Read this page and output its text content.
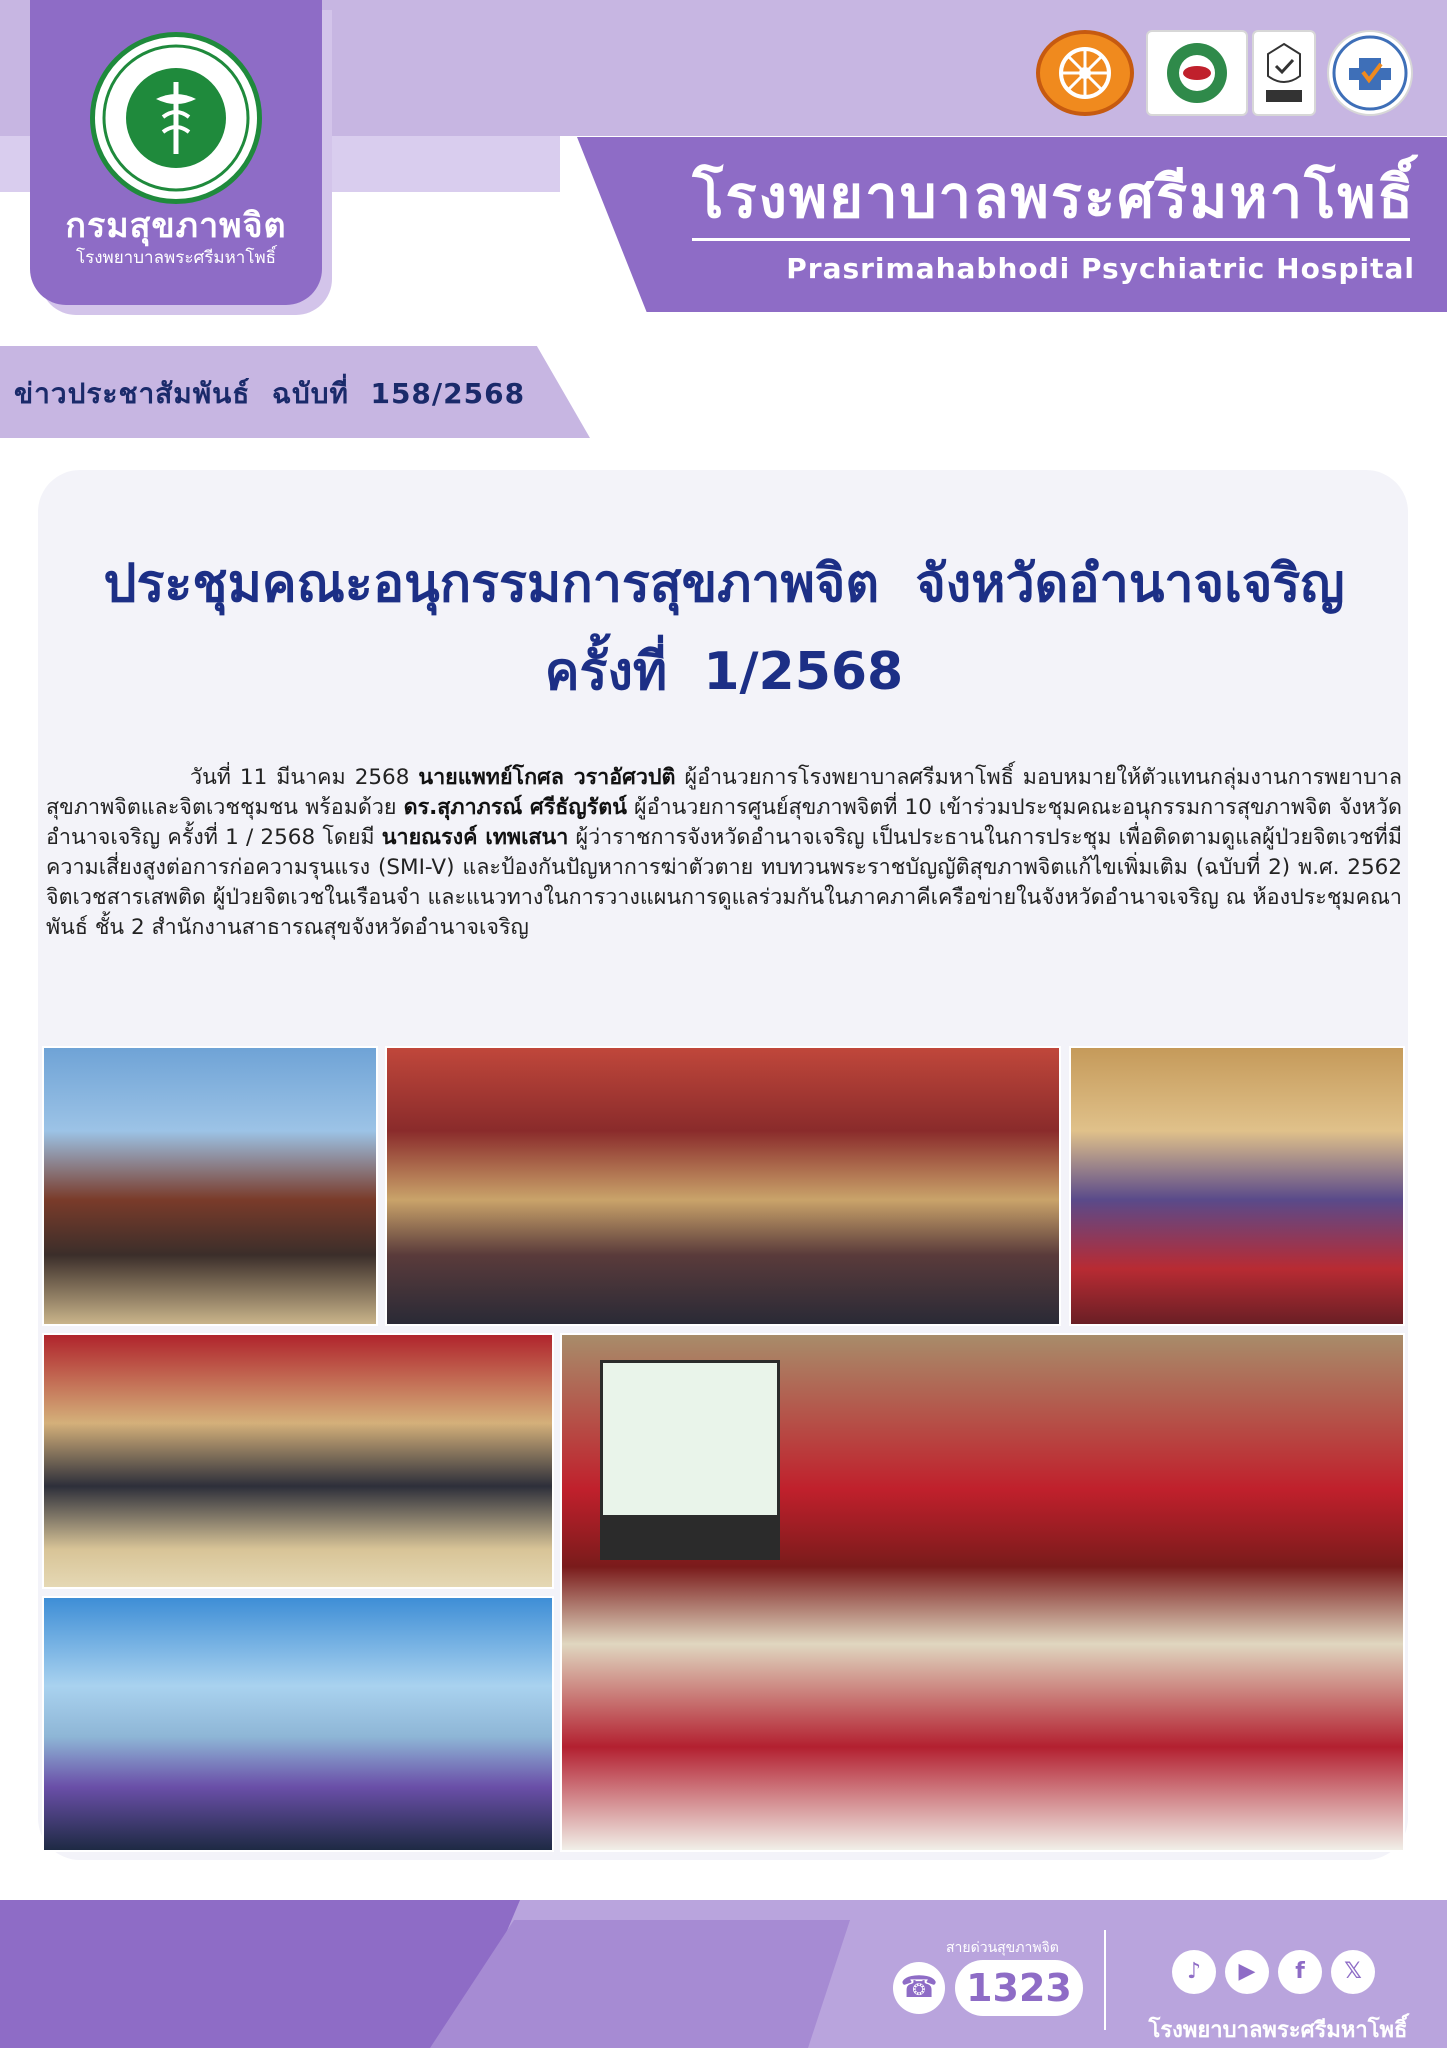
กรมสุขภาพจิต
โรงพยาบาลพระศรีมหาโพธิ์
โรงพยาบาลพระศรีมหาโพธิ์
Prasrimahabhodi Psychiatric Hospital
ข่าวประชาสัมพันธ์  ฉบับที่  158/2568
ประชุมคณะอนุกรรมการสุขภาพจิต  จังหวัดอำนาจเจริญ
ครั้งที่  1/2568
วันที่ 11 มีนาคม 2568 นายแพทย์โกศล วราอัศวปติ ผู้อำนวยการโรงพยาบาลศรีมหาโพธิ์ มอบหมายให้ตัวแทนกลุ่มงานการพยาบาลสุขภาพจิตและจิตเวชชุมชน พร้อมด้วย ดร.สุภาภรณ์ ศรีธัญรัตน์ ผู้อำนวยการศูนย์สุขภาพจิตที่ 10 เข้าร่วมประชุมคณะอนุกรรมการสุขภาพจิต จังหวัดอำนาจเจริญ ครั้งที่ 1 / 2568 โดยมี นายณรงค์ เทพเสนา ผู้ว่าราชการจังหวัดอำนาจเจริญ เป็นประธานในการประชุม เพื่อติดตามดูแลผู้ป่วยจิตเวชที่มีความเสี่ยงสูงต่อการก่อความรุนแรง (SMI-V) และป้องกันปัญหาการฆ่าตัวตาย ทบทวนพระราชบัญญัติสุขภาพจิตแก้ไขเพิ่มเติม (ฉบับที่ 2) พ.ศ. 2562 จิตเวชสารเสพติด ผู้ป่วยจิตเวชในเรือนจำ และแนวทางในการวางแผนการดูแลร่วมกันในภาคภาคีเครือข่ายในจังหวัดอำนาจเจริญ ณ ห้องประชุมคณาพันธ์ ชั้น 2 สำนักงานสาธารณสุขจังหวัดอำนาจเจริญ
สายด่วนสุขภาพจิต
☎ 1323	♪	▶	f	𝕏
โรงพยาบาลพระศรีมหาโพธิ์
